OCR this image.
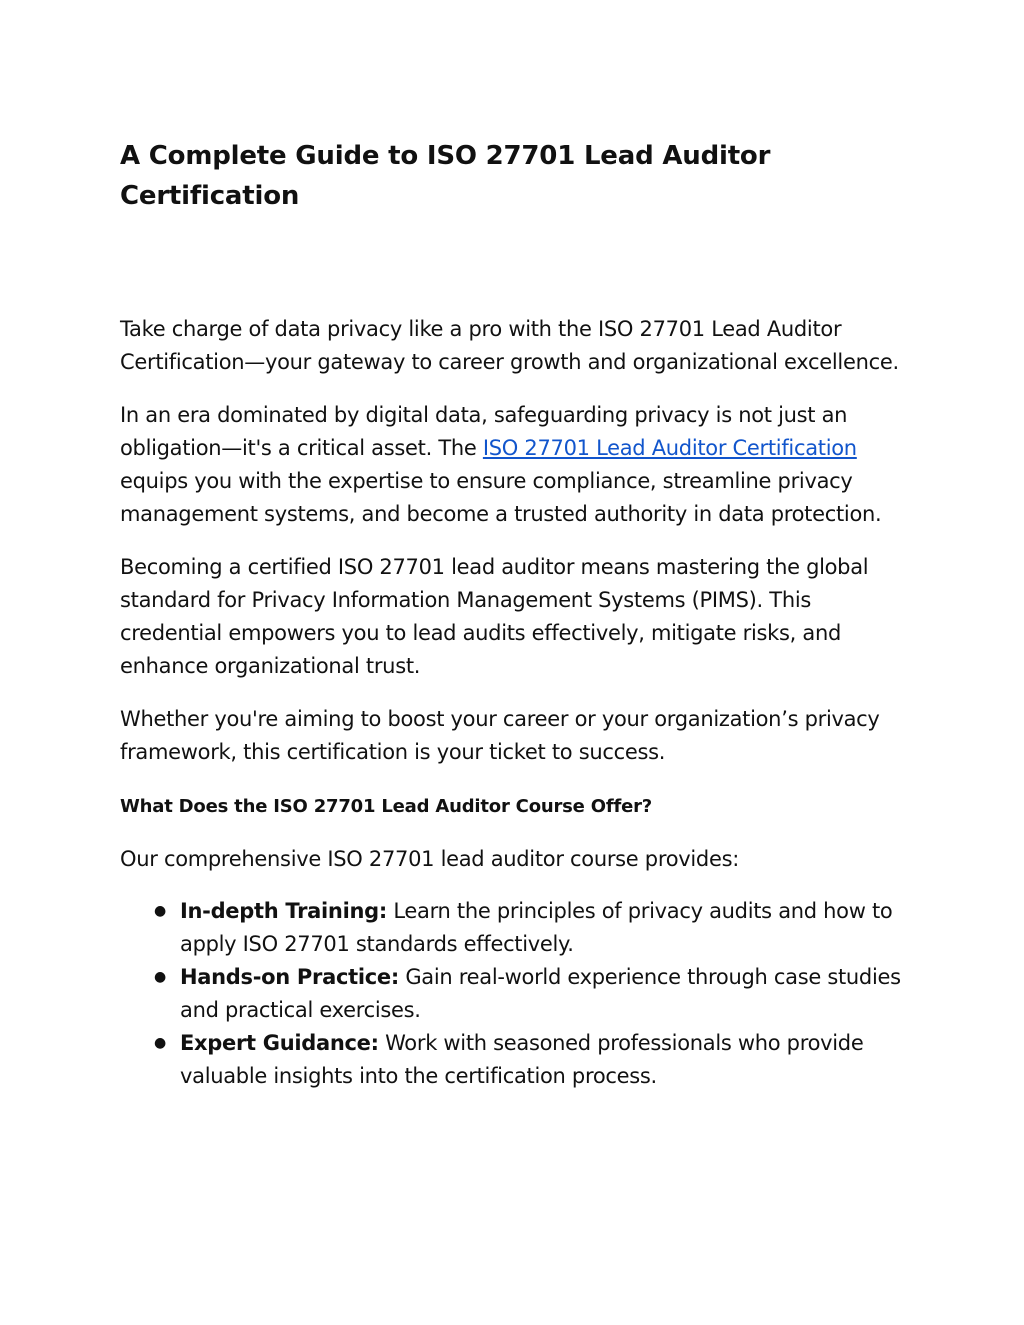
A Complete Guide to ISO 27701 Lead Auditor Certification

Take charge of data privacy like a pro with the ISO 27701 Lead Auditor Certification—your gateway to career growth and organizational excellence.

In an era dominated by digital data, safeguarding privacy is not just an obligation—it's a critical asset. The ISO 27701 Lead Auditor Certification equips you with the expertise to ensure compliance, streamline privacy management systems, and become a trusted authority in data protection.

Becoming a certified ISO 27701 lead auditor means mastering the global standard for Privacy Information Management Systems (PIMS). This credential empowers you to lead audits effectively, mitigate risks, and enhance organizational trust.

Whether you're aiming to boost your career or your organization’s privacy framework, this certification is your ticket to success.

What Does the ISO 27701 Lead Auditor Course Offer?

Our comprehensive ISO 27701 lead auditor course provides:

● In-depth Training: Learn the principles of privacy audits and how to apply ISO 27701 standards effectively.
● Hands-on Practice: Gain real-world experience through case studies and practical exercises.
● Expert Guidance: Work with seasoned professionals who provide valuable insights into the certification process.
